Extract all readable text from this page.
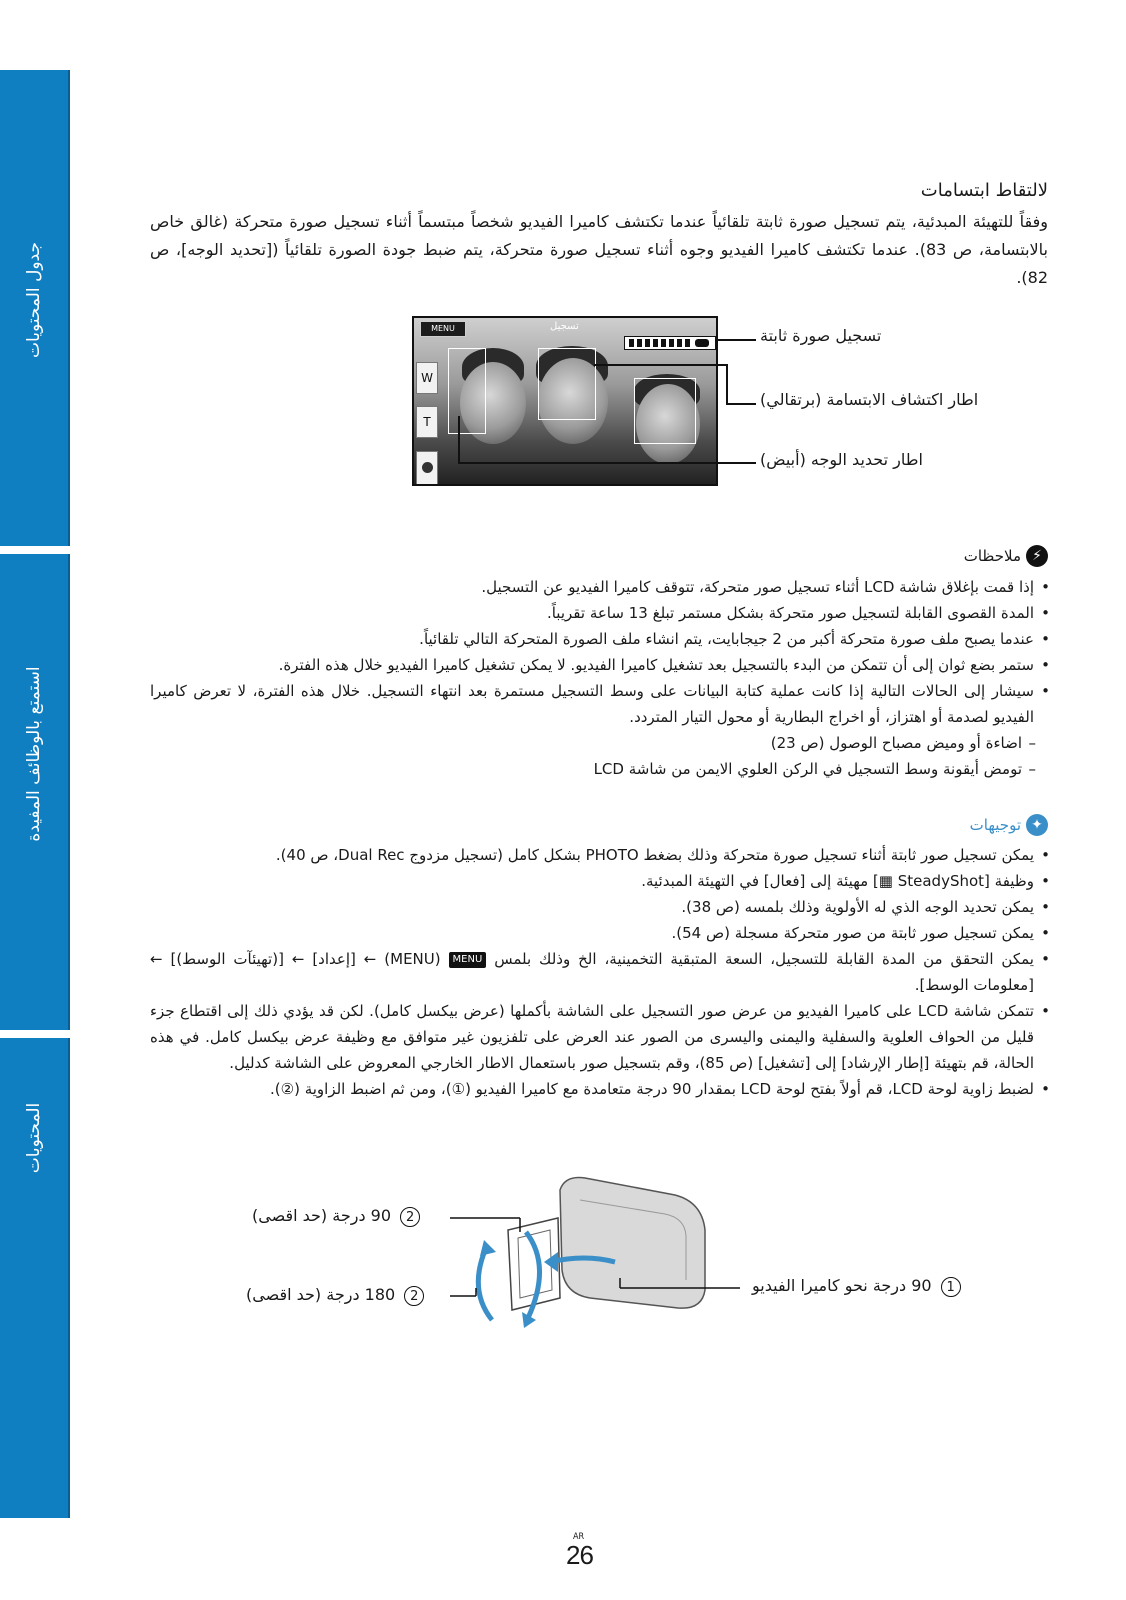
جدول المحتويات
استمتع بالوظائف المفيدة
المحتويات
لالتقاط ابتسامات

وفقاً للتهيئة المبدئية، يتم تسجيل صورة ثابتة تلقائياً عندما تكتشف كاميرا الفيديو شخصاً مبتسماً أثناء تسجيل صورة متحركة (غالق خاص بالابتسامة، ص 83). عندما تكتشف كاميرا الفيديو وجوه أثناء تسجيل صورة متحركة، يتم ضبط جودة الصورة تلقائياً ([تحديد الوجه]، ص 82).

MENU	تسجيل
W
T
تسجيل صورة ثابتة
اطار اكتشاف الابتسامة (برتقالي)
اطار تحديد الوجه (أبيض)
⚡
ملاحظات
• إذا قمت بإغلاق شاشة LCD أثناء تسجيل صور متحركة، تتوقف كاميرا الفيديو عن التسجيل.
• المدة القصوى القابلة لتسجيل صور متحركة بشكل مستمر تبلغ 13 ساعة تقريباً.
• عندما يصبح ملف صورة متحركة أكبر من 2 جيجابايت، يتم انشاء ملف الصورة المتحركة التالي تلقائياً.
• ستمر بضع ثوان إلى أن تتمكن من البدء بالتسجيل بعد تشغيل كاميرا الفيديو. لا يمكن تشغيل كاميرا الفيديو خلال هذه الفترة.
• سيشار إلى الحالات التالية إذا كانت عملية كتابة البيانات على وسط التسجيل مستمرة بعد انتهاء التسجيل. خلال هذه الفترة، لا تعرض كاميرا الفيديو لصدمة أو اهتزاز، أو اخراج البطارية أو محول التيار المتردد.
– اضاءة أو وميض مصباح الوصول (ص 23)
– تومض أيقونة وسط التسجيل في الركن العلوي الايمن من شاشة LCD
✦
توجيهات
• يمكن تسجيل صور ثابتة أثناء تسجيل صورة متحركة وذلك بضغط PHOTO بشكل كامل (تسجيل مزدوج Dual Rec، ص 40).
• وظيفة [SteadyShot ▦] مهيئة إلى [فعال] في التهيئة المبدئية.
• يمكن تحديد الوجه الذي له الأولوية وذلك بلمسه (ص 38).
• يمكن تسجيل صور ثابتة من صور متحركة مسجلة (ص 54).
• يمكن التحقق من المدة القابلة للتسجيل، السعة المتبقية التخمينية، الخ وذلك بلمس MENU (MENU) ← [إعداد] ← [(تهيئآت الوسط)] ← [معلومات الوسط].
• تتمكن شاشة LCD على كاميرا الفيديو من عرض صور التسجيل على الشاشة بأكملها (عرض بيكسل كامل). لكن قد يؤدي ذلك إلى اقتطاع جزء قليل من الحواف العلوية والسفلية واليمنى واليسرى من الصور عند العرض على تلفزيون غير متوافق مع وظيفة عرض بيكسل كامل. في هذه الحالة، قم بتهيئة [إطار الإرشاد] إلى [تشغيل] (ص 85)، وقم بتسجيل صور باستعمال الاطار الخارجي المعروض على الشاشة كدليل.
• لضبط زاوية لوحة LCD، قم أولاً بفتح لوحة LCD بمقدار 90 درجة متعامدة مع كاميرا الفيديو (①)، ومن ثم اضبط الزاوية (②).
2 90 درجة (حد اقصى)
2 180 درجة (حد اقصى)	1 90 درجة نحو كاميرا الفيديو
AR
26
